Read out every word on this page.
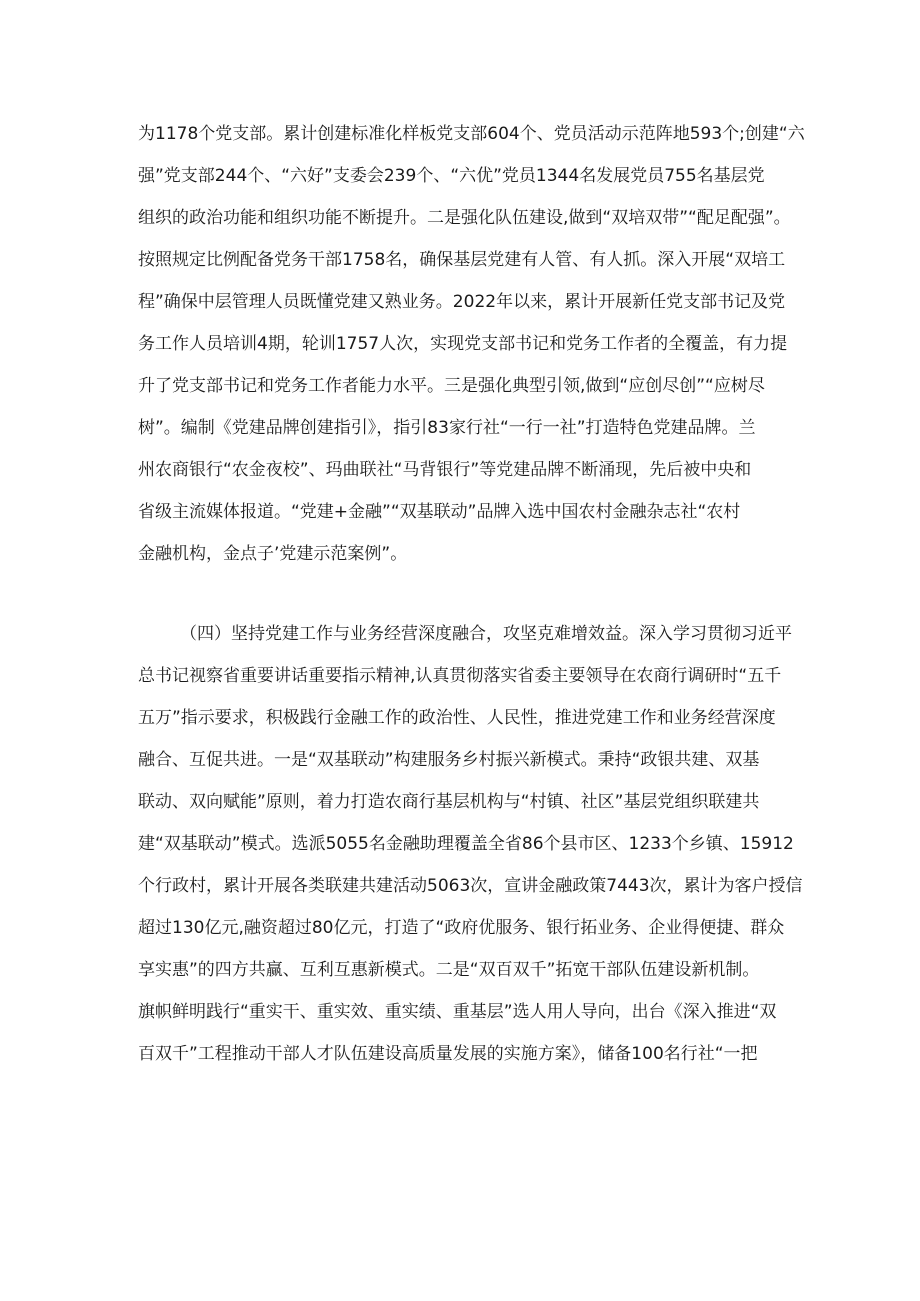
为1178个党支部。累计创建标准化样板党支部604个、党员活动示范阵地593个;创建“六

强”党支部244个、“六好”支委会239个、“六优”党员1344名发展党员755名基层党

组织的政治功能和组织功能不断提升。二是强化队伍建设,做到“双培双带”“配足配强”。

按照规定比例配备党务干部1758名，确保基层党建有人管、有人抓。深入开展“双培工

程”确保中层管理人员既懂党建又熟业务。2022年以来，累计开展新任党支部书记及党

务工作人员培训4期，轮训1757人次，实现党支部书记和党务工作者的全覆盖，有力提

升了党支部书记和党务工作者能力水平。三是强化典型引领,做到“应创尽创”“应树尽

树”。编制《党建品牌创建指引》，指引83家行社“一行一社”打造特色党建品牌。兰

州农商银行“农金夜校”、玛曲联社“马背银行”等党建品牌不断涌现，先后被中央和

省级主流媒体报道。“党建+金融”“双基联动”品牌入选中国农村金融杂志社“农村

金融机构，金点子’党建示范案例”。

（四）坚持党建工作与业务经营深度融合，攻坚克难增效益。深入学习贯彻习近平

总书记视察省重要讲话重要指示精神,认真贯彻落实省委主要领导在农商行调研时“五千

五万”指示要求，积极践行金融工作的政治性、人民性，推进党建工作和业务经营深度

融合、互促共进。一是“双基联动”构建服务乡村振兴新模式。秉持“政银共建、双基

联动、双向赋能”原则，着力打造农商行基层机构与“村镇、社区”基层党组织联建共

建“双基联动”模式。选派5055名金融助理覆盖全省86个县市区、1233个乡镇、15912

个行政村，累计开展各类联建共建活动5063次，宣讲金融政策7443次，累计为客户授信

超过130亿元,融资超过80亿元，打造了“政府优服务、银行拓业务、企业得便捷、群众

享实惠”的四方共赢、互利互惠新模式。二是“双百双千”拓宽干部队伍建设新机制。

旗帜鲜明践行“重实干、重实效、重实绩、重基层”选人用人导向，出台《深入推进“双

百双千”工程推动干部人才队伍建设高质量发展的实施方案》，储备100名行社“一把
